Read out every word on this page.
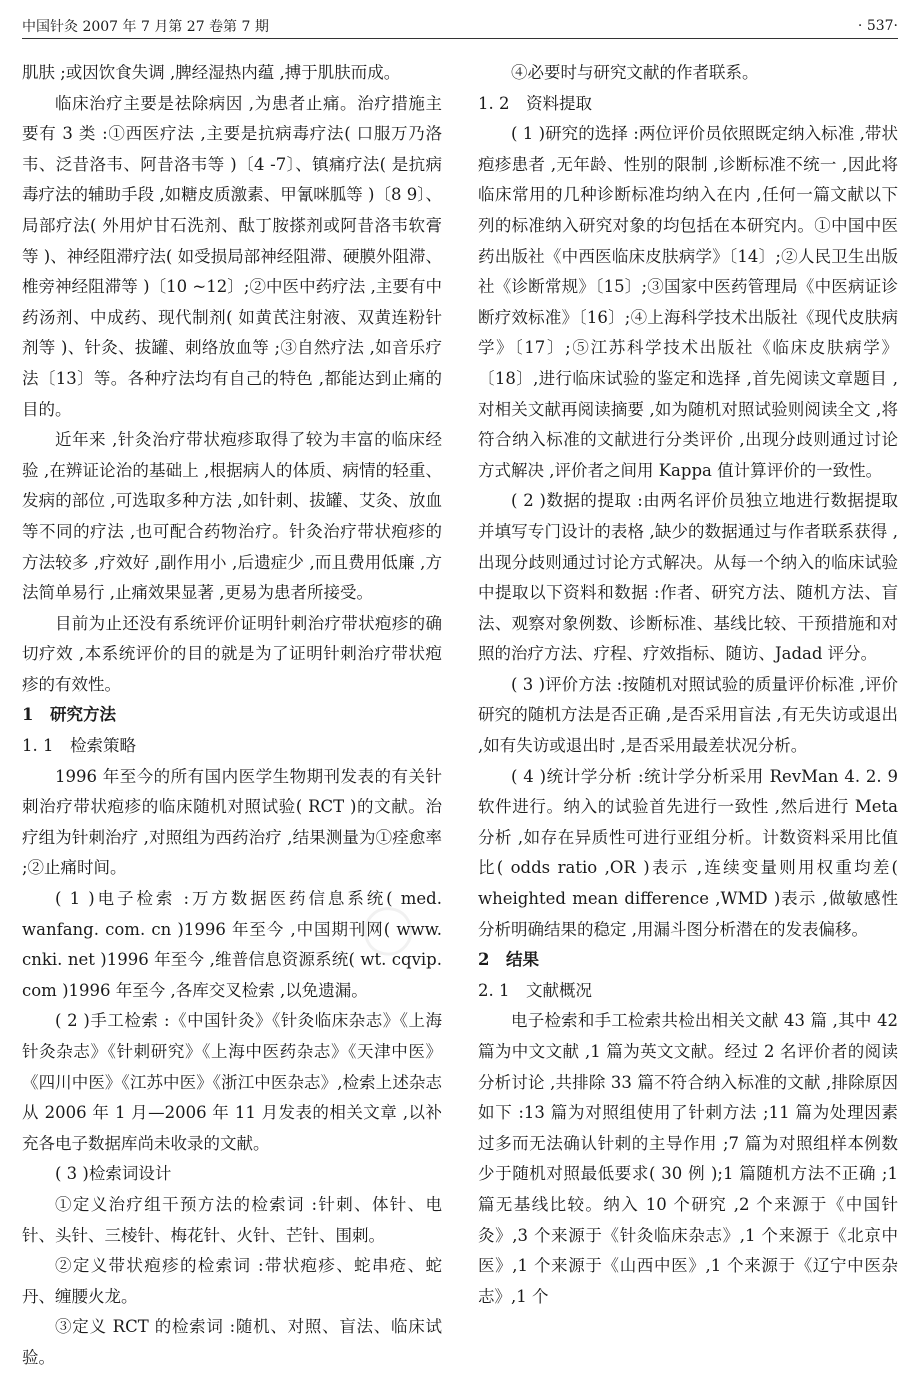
中国针灸 2007 年 7 月第 27 卷第 7 期	· 537·

肌肤 ;或因饮食失调 ,脾经湿热内蕴 ,搏于肌肤而成。

临床治疗主要是祛除病因 ,为患者止痛。治疗措施主要有 3 类 :①西医疗法 ,主要是抗病毒疗法( 口服万乃洛韦、泛昔洛韦、阿昔洛韦等 )〔4 -7〕、镇痛疗法( 是抗病毒疗法的辅助手段 ,如糖皮质激素、甲氰咪胍等 )〔8 9〕、局部疗法( 外用炉甘石洗剂、酞丁胺搽剂或阿昔洛韦软膏等 )、神经阻滞疗法( 如受损局部神经阻滞、硬膜外阻滞、椎旁神经阻滞等 )〔10 ~12〕;②中医中药疗法 ,主要有中药汤剂、中成药、现代制剂( 如黄芪注射液、双黄连粉针剂等 )、针灸、拔罐、刺络放血等 ;③自然疗法 ,如音乐疗法〔13〕等。各种疗法均有自己的特色 ,都能达到止痛的目的。

近年来 ,针灸治疗带状疱疹取得了较为丰富的临床经验 ,在辨证论治的基础上 ,根据病人的体质、病情的轻重、发病的部位 ,可选取多种方法 ,如针刺、拔罐、艾灸、放血等不同的疗法 ,也可配合药物治疗。针灸治疗带状疱疹的方法较多 ,疗效好 ,副作用小 ,后遗症少 ,而且费用低廉 ,方法简单易行 ,止痛效果显著 ,更易为患者所接受。

目前为止还没有系统评价证明针刺治疗带状疱疹的确切疗效 ,本系统评价的目的就是为了证明针刺治疗带状疱疹的有效性。

1　研究方法

1. 1　检索策略

1996 年至今的所有国内医学生物期刊发表的有关针刺治疗带状疱疹的临床随机对照试验( RCT )的文献。治疗组为针刺治疗 ,对照组为西药治疗 ,结果测量为①痊愈率 ;②止痛时间。

( 1 )电子检索 :万方数据医药信息系统( med. wanfang. com. cn )1996 年至今 ,中国期刊网( www. cnki. net )1996 年至今 ,维普信息资源系统( wt. cqvip. com )1996 年至今 ,各库交叉检索 ,以免遗漏。

( 2 )手工检索 :《中国针灸》《针灸临床杂志》《上海针灸杂志》《针刺研究》《上海中医药杂志》《天津中医》《四川中医》《江苏中医》《浙江中医杂志》,检索上述杂志从 2006 年 1 月—2006 年 11 月发表的相关文章 ,以补充各电子数据库尚未收录的文献。

( 3 )检索词设计

①定义治疗组干预方法的检索词 :针刺、体针、电针、头针、三棱针、梅花针、火针、芒针、围刺。

②定义带状疱疹的检索词 :带状疱疹、蛇串疮、蛇丹、缠腰火龙。

③定义 RCT 的检索词 :随机、对照、盲法、临床试验。

④必要时与研究文献的作者联系。

1. 2　资料提取

( 1 )研究的选择 :两位评价员依照既定纳入标准 ,带状疱疹患者 ,无年龄、性别的限制 ,诊断标准不统一 ,因此将临床常用的几种诊断标准均纳入在内 ,任何一篇文献以下列的标准纳入研究对象的均包括在本研究内。①中国中医药出版社《中西医临床皮肤病学》〔14〕;②人民卫生出版社《诊断常规》〔15〕;③国家中医药管理局《中医病证诊断疗效标准》〔16〕;④上海科学技术出版社《现代皮肤病学》〔17〕;⑤江苏科学技术出版社《临床皮肤病学》〔18〕,进行临床试验的鉴定和选择 ,首先阅读文章题目 ,对相关文献再阅读摘要 ,如为随机对照试验则阅读全文 ,将符合纳入标准的文献进行分类评价 ,出现分歧则通过讨论方式解决 ,评价者之间用 Kappa 值计算评价的一致性。

( 2 )数据的提取 :由两名评价员独立地进行数据提取并填写专门设计的表格 ,缺少的数据通过与作者联系获得 ,出现分歧则通过讨论方式解决。从每一个纳入的临床试验中提取以下资料和数据 :作者、研究方法、随机方法、盲法、观察对象例数、诊断标准、基线比较、干预措施和对照的治疗方法、疗程、疗效指标、随访、Jadad 评分。

( 3 )评价方法 :按随机对照试验的质量评价标准 ,评价研究的随机方法是否正确 ,是否采用盲法 ,有无失访或退出 ,如有失访或退出时 ,是否采用最差状况分析。

( 4 )统计学分析 :统计学分析采用 RevMan 4. 2. 9 软件进行。纳入的试验首先进行一致性 ,然后进行 Meta 分析 ,如存在异质性可进行亚组分析。计数资料采用比值比( odds ratio ,OR )表示 ,连续变量则用权重均差( wheighted mean difference ,WMD )表示 ,做敏感性分析明确结果的稳定 ,用漏斗图分析潜在的发表偏移。

2　结果

2. 1　文献概况

电子检索和手工检索共检出相关文献 43 篇 ,其中 42 篇为中文文献 ,1 篇为英文文献。经过 2 名评价者的阅读分析讨论 ,共排除 33 篇不符合纳入标准的文献 ,排除原因如下 :13 篇为对照组使用了针刺方法 ;11 篇为处理因素过多而无法确认针刺的主导作用 ;7 篇为对照组样本例数少于随机对照最低要求( 30 例 );1 篇随机方法不正确 ;1 篇无基线比较。纳入 10 个研究 ,2 个来源于《中国针灸》,3 个来源于《针灸临床杂志》,1 个来源于《北京中医》,1 个来源于《山西中医》,1 个来源于《辽宁中医杂志》,1 个

◯
